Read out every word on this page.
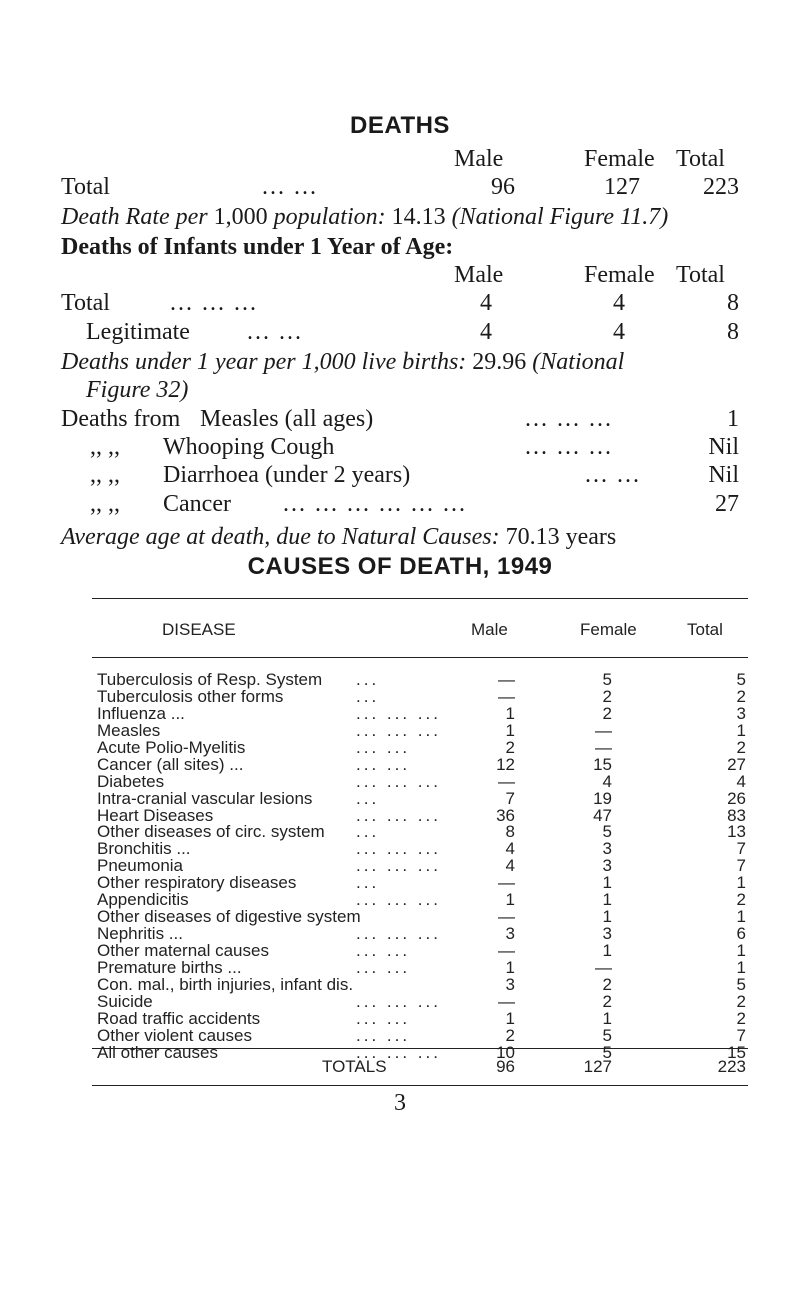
DEATHS
Male	Female Total
Total	... ...	96	127	223
Death Rate per 1,000 population: 14.13 (National Figure 11.7)
Deaths of Infants under 1 Year of Age:
Male	Female Total
Total	... ... ...	4	4	8
Legitimate ... ...	4	4	8
Deaths under 1 year per 1,000 live births: 29.96 (National
Figure 32)
Deaths from Measles (all ages)	... ... ...	1
,, ,, Whooping Cough	... ... ...	Nil
,, ,, Diarrhoea (under 2 years)	... ...	Nil
,, ,, Cancer ... ... ... ... ... ...	27
Average age at death, due to Natural Causes: 70.13 years
CAUSES OF DEATH, 1949
DISEASE	Male	Female	Total
Tuberculosis of Resp. System ...	—	5	5
Tuberculosis other forms	...	—	2	2
Influenza ...	... ... ...	1	2	3
Measles	... ... ...	1	—	1
Acute Polio-Myelitis	... ...	2	—	2
Cancer (all sites) ...	... ...	12	15	27
Diabetes	... ... ...	—	4	4
Intra-cranial vascular lesions	...	7	19	26
Heart Diseases	... ... ...	36	47	83
Other diseases of circ. system ...	8	5	13
Bronchitis ...	... ... ...	4	3	7
Pneumonia	... ... ...	4	3	7
Other respiratory diseases	...	—	1	1
Appendicitis	... ... ...	1	1	2
Other diseases of digestive system	—	1	1
Nephritis ...	... ... ...	3	3	6
Other maternal causes	... ...	—	1	1
Premature births ...	... ...	1	—	1
Con. mal., birth injuries, infant dis.	3	2	5
Suicide	... ... ...	—	2	2
Road traffic accidents	... ...	1	1	2
Other violent causes	... ...	2	5	7
All other causes	... ... ...	10	5	15
TOTALS	96	127	223
3
